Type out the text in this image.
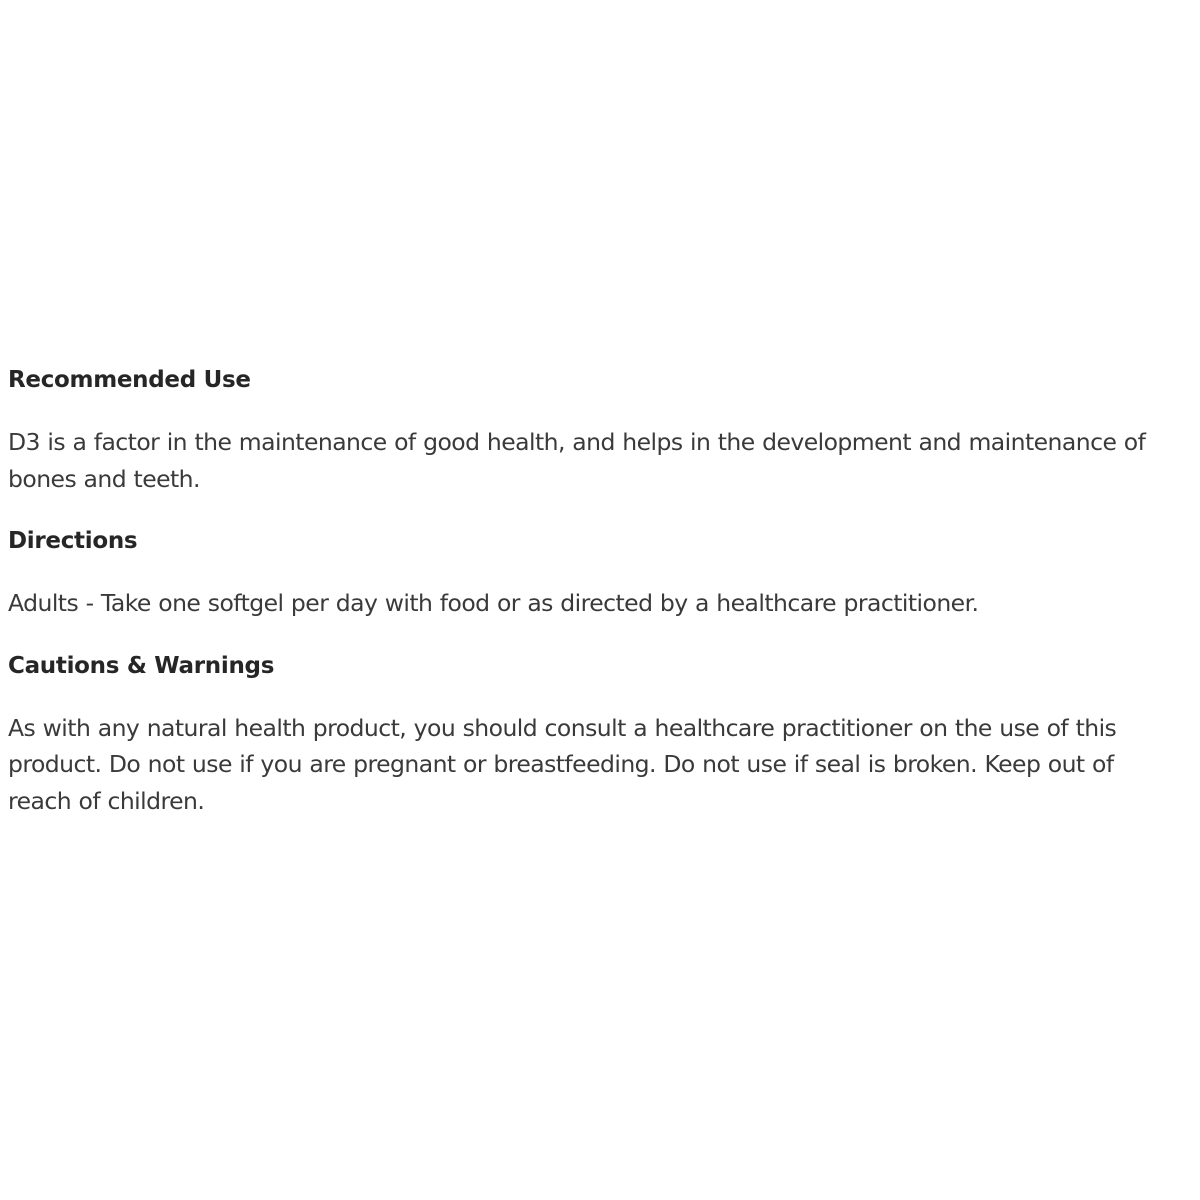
Recommended Use
D3 is a factor in the maintenance of good health, and helps in the development and maintenance of
bones and teeth.
Directions
Adults - Take one softgel per day with food or as directed by a healthcare practitioner.
Cautions & Warnings
As with any natural health product, you should consult a healthcare practitioner on the use of this
product. Do not use if you are pregnant or breastfeeding. Do not use if seal is broken. Keep out of
reach of children.
